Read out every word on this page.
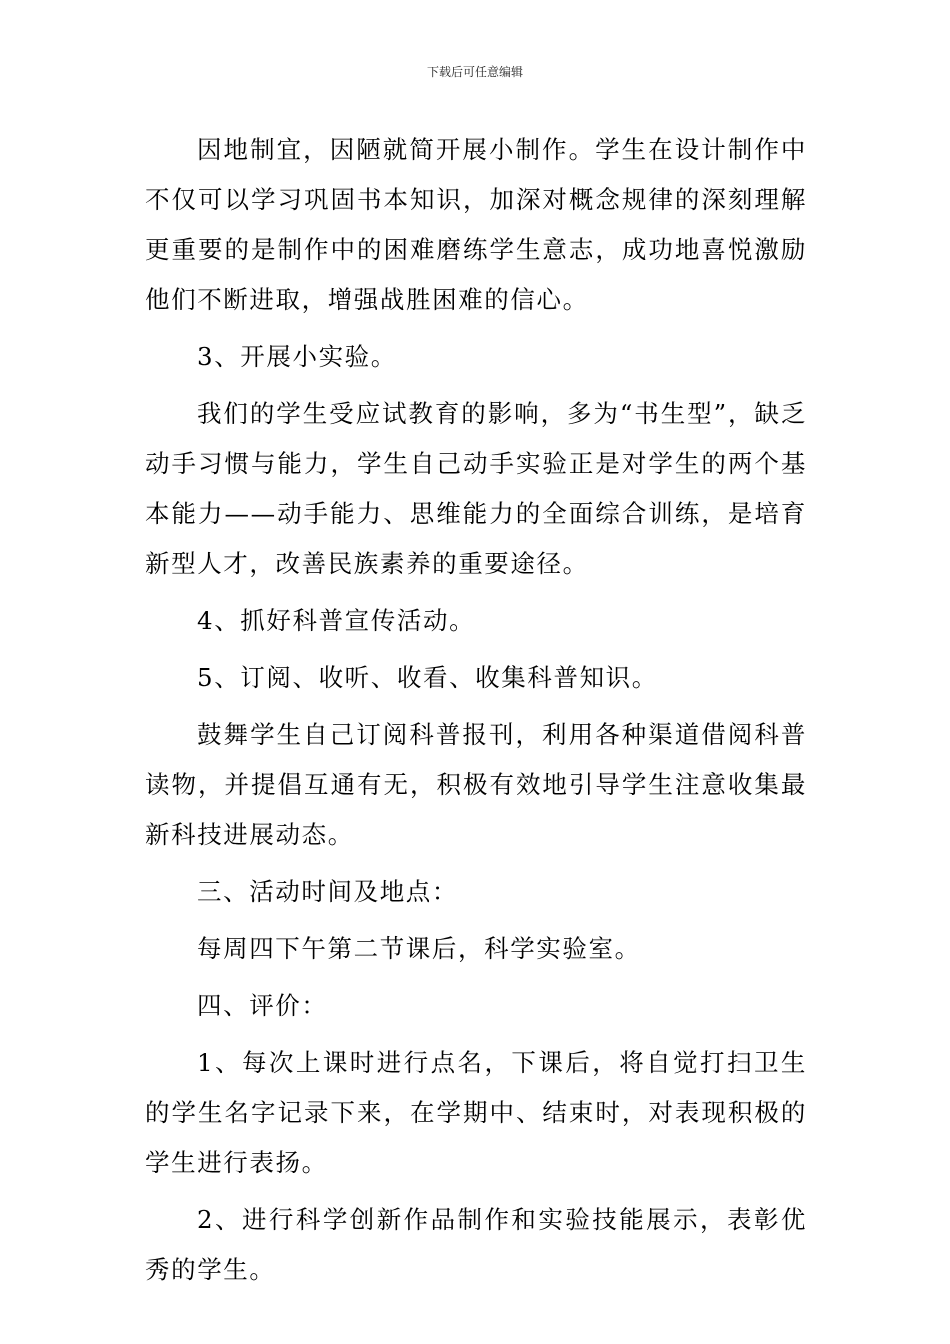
下载后可任意编辑

因地制宜，因陋就简开展小制作。学生在设计制作中不仅可以学习巩固书本知识，加深对概念规律的深刻理解更重要的是制作中的困难磨练学生意志，成功地喜悦激励他们不断进取，增强战胜困难的信心。

3、开展小实验。

我们的学生受应试教育的影响，多为“书生型”，缺乏动手习惯与能力，学生自己动手实验正是对学生的两个基本能力——动手能力、思维能力的全面综合训练，是培育新型人才，改善民族素养的重要途径。

4、抓好科普宣传活动。

5、订阅、收听、收看、收集科普知识。

鼓舞学生自己订阅科普报刊，利用各种渠道借阅科普读物，并提倡互通有无，积极有效地引导学生注意收集最新科技进展动态。

三、活动时间及地点：

每周四下午第二节课后，科学实验室。

四、评价：

1、每次上课时进行点名，下课后，将自觉打扫卫生的学生名字记录下来，在学期中、结束时，对表现积极的学生进行表扬。

2、进行科学创新作品制作和实验技能展示，表彰优秀的学生。
